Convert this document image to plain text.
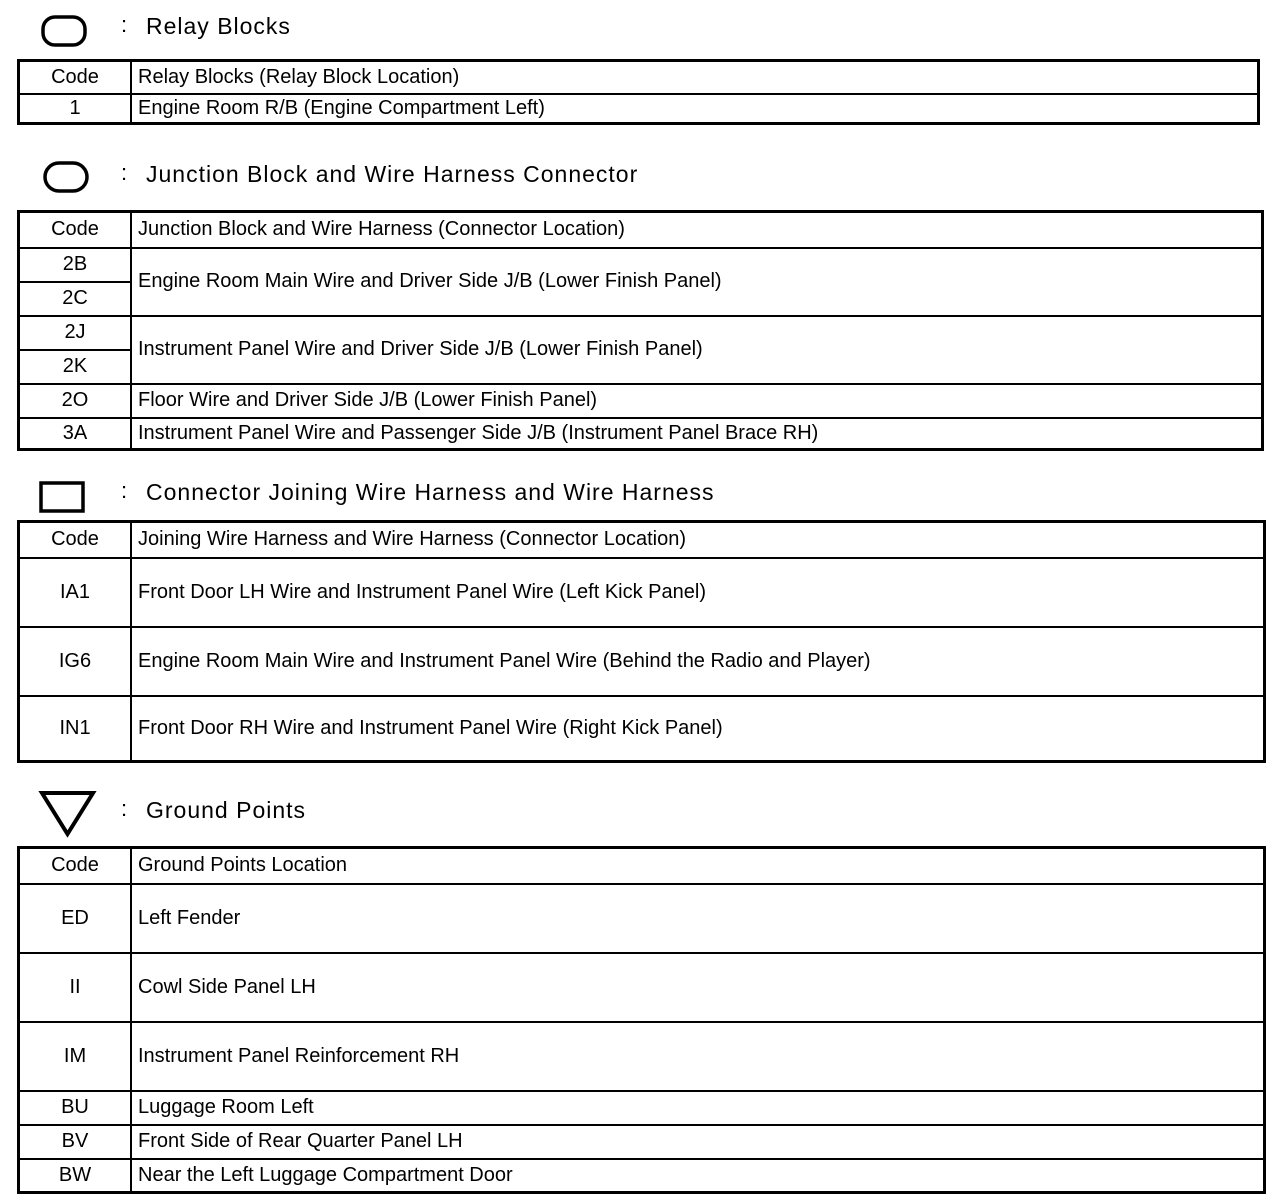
: Relay Blocks
Code	Relay Blocks (Relay Block Location)
1	Engine Room R/B (Engine Compartment Left)
: Junction Block and Wire Harness Connector
Code	Junction Block and Wire Harness (Connector Location)
2B	Engine Room Main Wire and Driver Side J/B (Lower Finish Panel)
2C	
2J	Instrument Panel Wire and Driver Side J/B (Lower Finish Panel)
2K	
2O	Floor Wire and Driver Side J/B (Lower Finish Panel)
3A	Instrument Panel Wire and Passenger Side J/B (Instrument Panel Brace RH)
: Connector Joining Wire Harness and Wire Harness
Code	Joining Wire Harness and Wire Harness (Connector Location)
IA1	Front Door LH Wire and Instrument Panel Wire (Left Kick Panel)
IG6	Engine Room Main Wire and Instrument Panel Wire (Behind the Radio and Player)
IN1	Front Door RH Wire and Instrument Panel Wire (Right Kick Panel)
: Ground Points
Code	Ground Points Location
ED	Left Fender
II	Cowl Side Panel LH
IM	Instrument Panel Reinforcement RH
BU	Luggage Room Left
BV	Front Side of Rear Quarter Panel LH
BW	Near the Left Luggage Compartment Door
